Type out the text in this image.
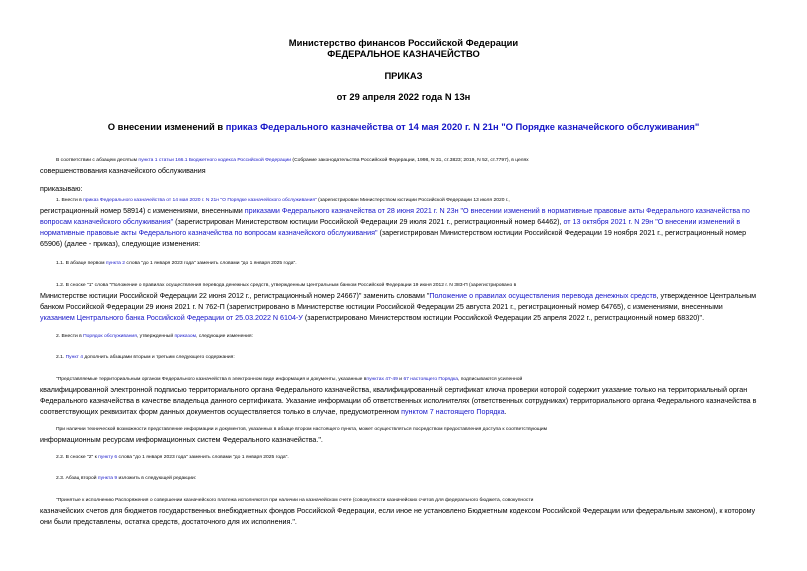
Министерство финансов Российской Федерации
ФЕДЕРАЛЬНОЕ КАЗНАЧЕЙСТВО
ПРИКАЗ
от 29 апреля 2022 года N 13н
О внесении изменений в приказ Федерального казначейства от 14 мая 2020 г. N 21н "О Порядке казначейского обслуживания"
В соответствии с абзацем десятым пункта 1 статьи 166.1 Бюджетного кодекса Российской Федерации (Собрание законодательства Российской Федерации, 1998, N 31, ст.3823; 2019, N 52, ст.7797), в целях
совершенствования казначейского обслуживания
приказываю:
1. Внести в приказ Федерального казначейства от 14 мая 2020 г. N 21н "О Порядке казначейского обслуживания" (зарегистрирован Министерством юстиции Российской Федерации 13 июля 2020 г.,
регистрационный номер 58914) с изменениями, внесенными приказами Федерального казначейства от 28 июня 2021 г. N 23н "О внесении изменений в нормативные правовые акты Федерального казначейства по
вопросам казначейского обслуживания" (зарегистрирован Министерством юстиции Российской Федерации 29 июля 2021 г., регистрационный номер 64462), от 13 октября 2021 г. N 29н "О внесении изменений в
нормативные правовые акты Федерального казначейства по вопросам казначейского обслуживания" (зарегистрирован Министерством юстиции Российской Федерации 19 ноября 2021 г., регистрационный номер
65906) (далее - приказ), следующие изменения:
1.1. В абзаце первом пункта 2 слова "до 1 января 2023 года" заменить словами "до 1 января 2025 года".
1.2. В сноске "1" слова "Положение о правилах осуществления перевода денежных средств, утвержденным Центральным банком Российской Федерации 19 июня 2012 г. N 383-П (зарегистрировано в
Министерстве юстиции Российской Федерации 22 июня 2012 г., регистрационный номер 24667)" заменить словами "Положение о правилах осуществления перевода денежных средств, утвержденное Центральным
банком Российской Федерации 29 июня 2021 г. N 762-П (зарегистрировано в Министерстве юстиции Российской Федерации 25 августа 2021 г., регистрационный номер 64765), с изменениями, внесенными
указанием Центрального банка Российской Федерации от 25.03.2022 N 6104-У (зарегистрировано Министерством юстиции Российской Федерации 25 апреля 2022 г., регистрационный номер 68320)".
2. Внести в Порядок обслуживания, утвержденный приказом, следующие изменения:
2.1. Пункт 4 дополнить абзацами вторым и третьим следующего содержания:
"Представляемые территориальным органом Федерального казначейства в электронном виде информация и документы, указанные впунктах 47-49 и 67 настоящего Порядка, подписываются усиленной
квалифицированной электронной подписью территориального органа Федерального казначейства, квалифицированный сертификат ключа проверки которой содержит указание только на территориальный орган
Федерального казначейства в качестве владельца данного сертификата. Указание информации об ответственных исполнителях (ответственных сотрудниках) территориального органа Федерального казначейства в
соответствующих реквизитах форм данных документов осуществляется только в случае, предусмотренном пунктом 7 настоящего Порядка.
При наличии технической возможности представление информации и документов, указанных в абзаце втором настоящего пункта, может осуществляться посредством предоставления доступа к соответствующим
информационным ресурсам информационных систем Федерального казначейства.".
2.2. В сноске "2" к пункту 6 слова "до 1 января 2023 года" заменить словами "до 1 января 2025 года".
2.3. Абзац второй пункта 9 изложить в следующей редакции:
"Принятые к исполнению Распоряжения о совершении казначейского платежа исполняются при наличии на казначейском счете (совокупности казначейских счетов для федерального бюджета, совокупности
казначейских счетов для бюджетов государственных внебюджетных фондов Российской Федерации, если иное не установлено Бюджетным кодексом Российской Федерации или федеральным законом), к которому
они были представлены, остатка средств, достаточного для их исполнения.".
